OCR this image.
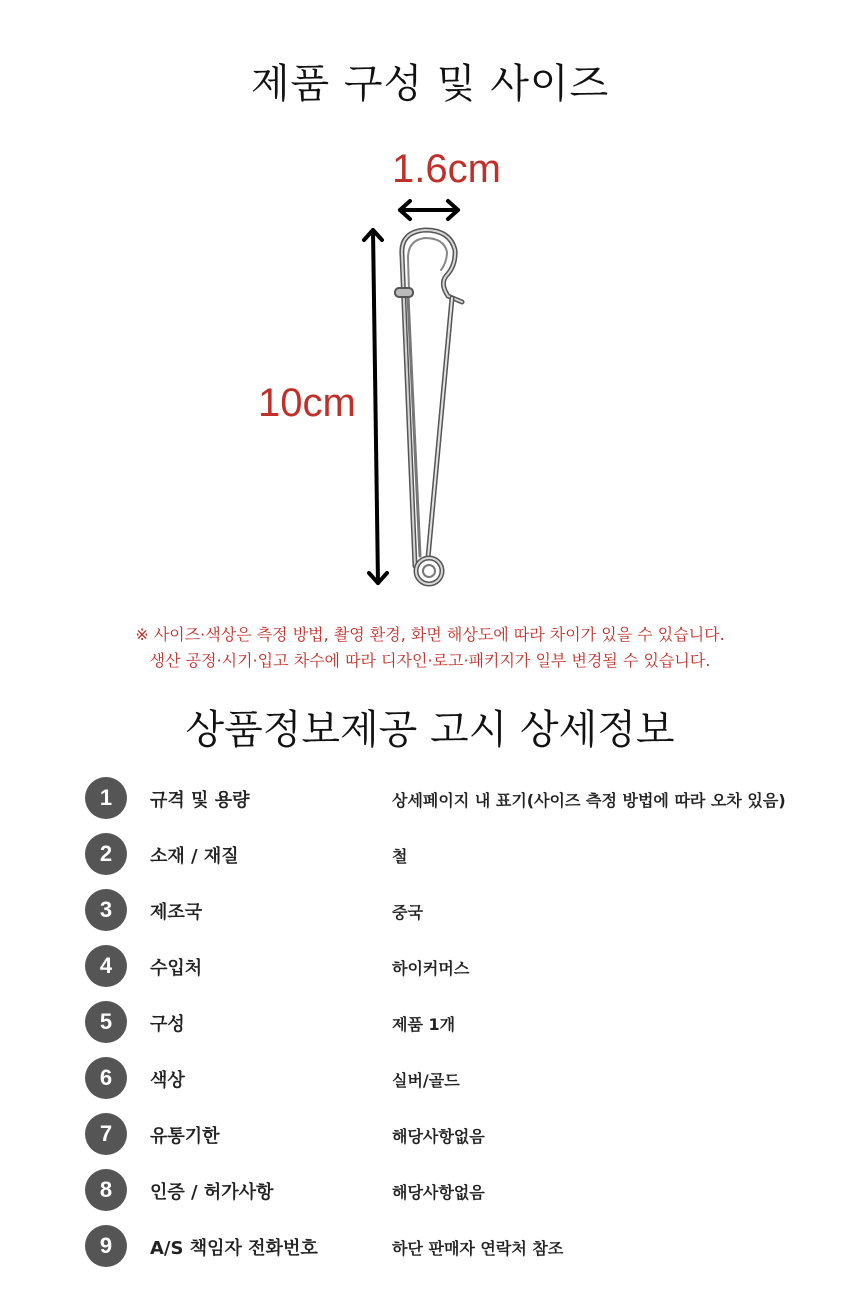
제품 구성 및 사이즈
1.6cm
10cm
※ 사이즈·색상은 측정 방법, 촬영 환경, 화면 해상도에 따라 차이가 있을 수 있습니다.
생산 공정·시기·입고 차수에 따라 디자인·로고·패키지가 일부 변경될 수 있습니다.
상품정보제공 고시 상세정보
1	규격 및 용량	상세페이지 내 표기(사이즈 측정 방법에 따라 오차 있음)
2	소재 / 재질	철
3	제조국	중국
4	수입처	하이커머스
5	구성	제품 1개
6	색상	실버/골드
7	유통기한	해당사항없음
8	인증 / 허가사항	해당사항없음
9	A/S 책임자 전화번호	하단 판매자 연락처 참조
